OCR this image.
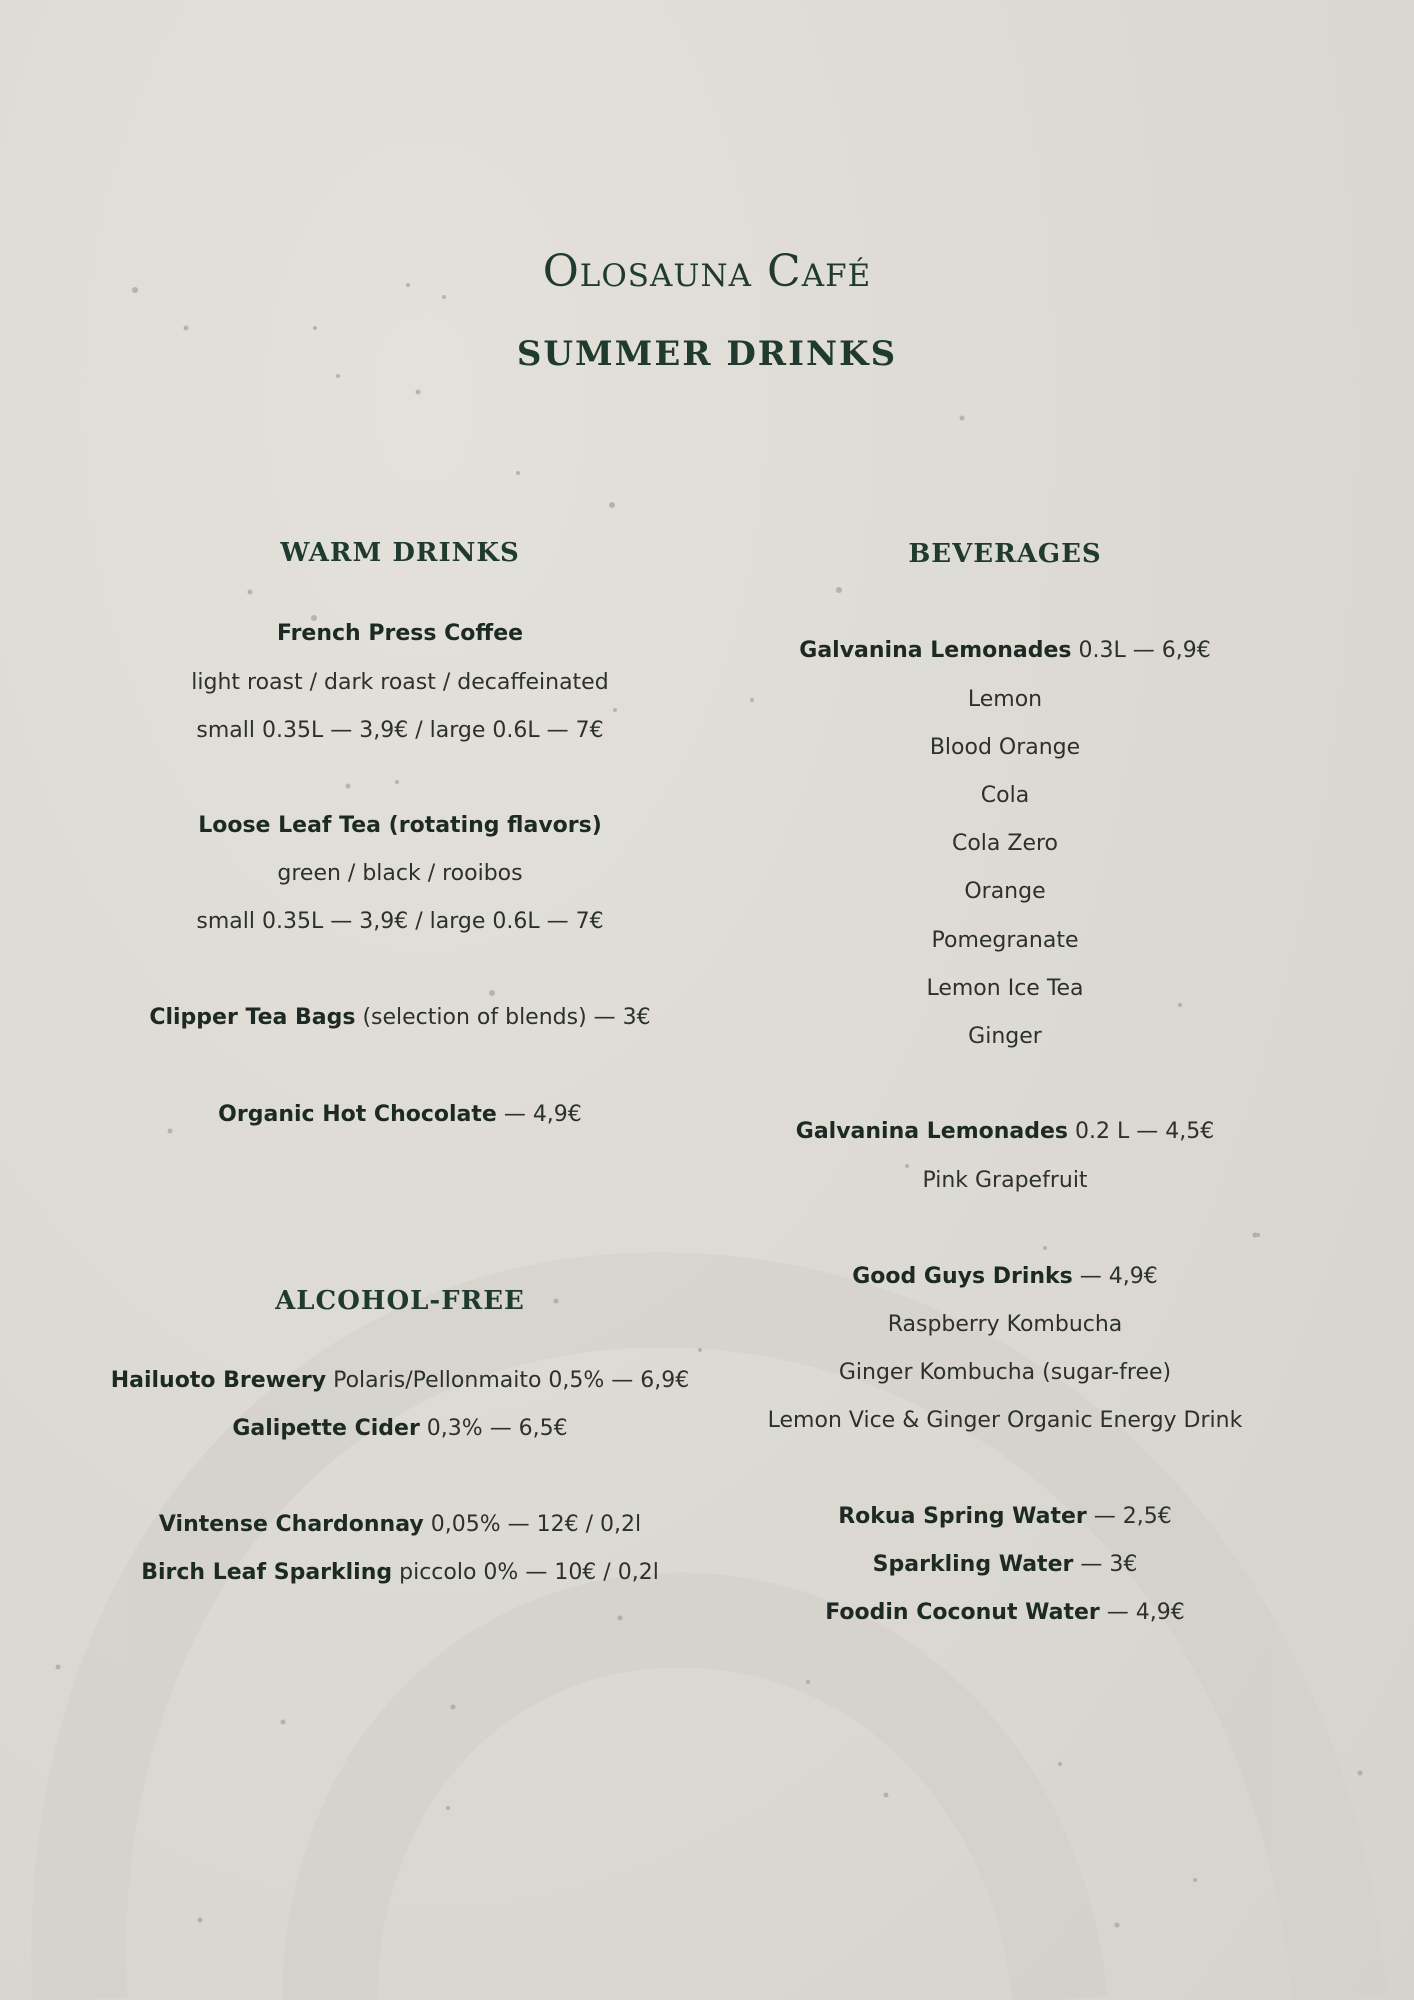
Olosauna Café
SUMMER DRINKS
WARM DRINKS
French Press Coffee
light roast / dark roast / decaffeinated
small 0.35L — 3,9€ / large 0.6L — 7€
Loose Leaf Tea (rotating flavors)
green / black / rooibos
small 0.35L — 3,9€ / large 0.6L — 7€
Clipper Tea Bags (selection of blends) — 3€
Organic Hot Chocolate — 4,9€
ALCOHOL-FREE
Hailuoto Brewery Polaris/Pellonmaito 0,5% — 6,9€
Galipette Cider 0,3% — 6,5€
Vintense Chardonnay 0,05% — 12€ / 0,2l
Birch Leaf Sparkling piccolo 0% — 10€ / 0,2l
BEVERAGES
Galvanina Lemonades 0.3L — 6,9€
Lemon
Blood Orange
Cola
Cola Zero
Orange
Pomegranate
Lemon Ice Tea
Ginger
Galvanina Lemonades 0.2 L — 4,5€
Pink Grapefruit
Good Guys Drinks — 4,9€
Raspberry Kombucha
Ginger Kombucha (sugar-free)
Lemon Vice & Ginger Organic Energy Drink
Rokua Spring Water — 2,5€
Sparkling Water — 3€
Foodin Coconut Water — 4,9€
